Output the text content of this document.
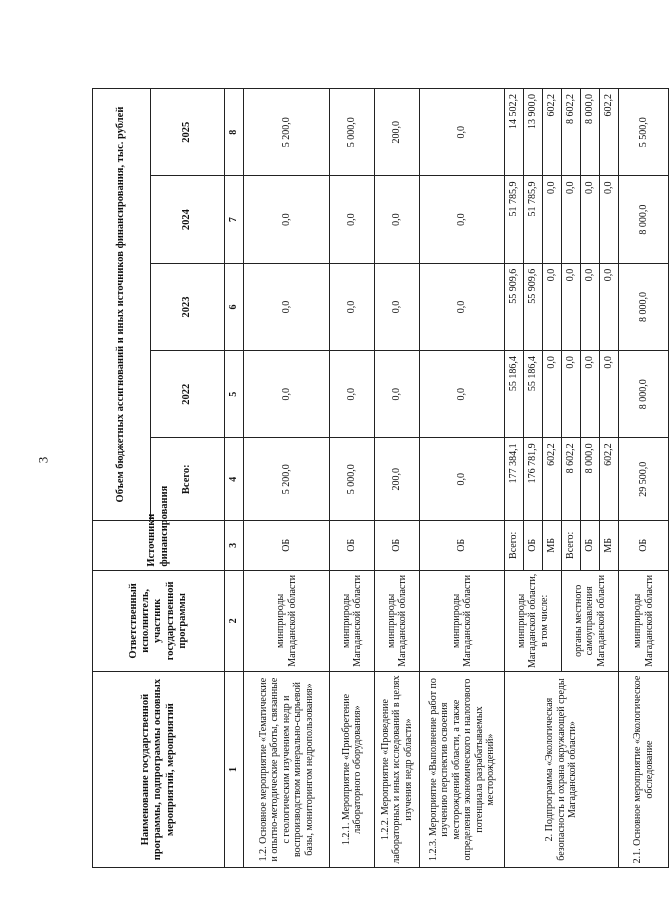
3
Наименование государственной программы, подпрограммы основных мероприятий, мероприятий	Ответственный исполнитель, участник государственной программы	Источники финансирования	Объем бюджетных ассигнований и иных источников финансирования, тыс. рублей				
			Всего:	2022	2023	2024	2025
1	2	3	4	5	6	7	8
1.2. Основное мероприятие «Тематические и опытно-методические работы, связанные с геологическим изучением недр и воспроизводством минерально-сырьевой базы, мониторингом недропользования»	минприроды Магаданской области	ОБ	5 200,0	0,0	0,0	0,0	5 200,0
1.2.1. Мероприятие «Приобретение лабораторного оборудования»	минприроды Магаданской области	ОБ	5 000,0	0,0	0,0	0,0	5 000,0
1.2.2. Мероприятие «Проведение лабораторных и иных исследований в целях изучения недр области»	минприроды Магаданской области	ОБ	200,0	0,0	0,0	0,0	200,0
1.2.3. Мероприятие «Выполнение работ по изучению перспектив освоения месторождений области, а также определения экономического и налогового потенциала разрабатываемых месторождений»	минприроды Магаданской области	ОБ	0,0	0,0	0,0	0,0	0,0
2. Подпрограмма «Экологическая безопасность и охрана окружающей среды Магаданской области»	минприроды Магаданской области, в том числе:	Всего:	177 384,1	55 186,4	55 909,6	51 785,9	14 502,2
		ОБ	176 781,9	55 186,4	55 909,6	51 785,9	13 900,0
		МБ	602,2	0,0	0,0	0,0	602,2
	органы местного самоуправления Магаданской области	Всего:	8 602,2	0,0	0,0	0,0	8 602,2
		ОБ	8 000,0	0,0	0,0	0,0	8 000,0
		МБ	602,2	0,0	0,0	0,0	602,2
2.1. Основное мероприятие «Экологическое обследование	минприроды Магаданской области	ОБ	29 500,0	8 000,0	8 000,0	8 000,0	5 500,0
